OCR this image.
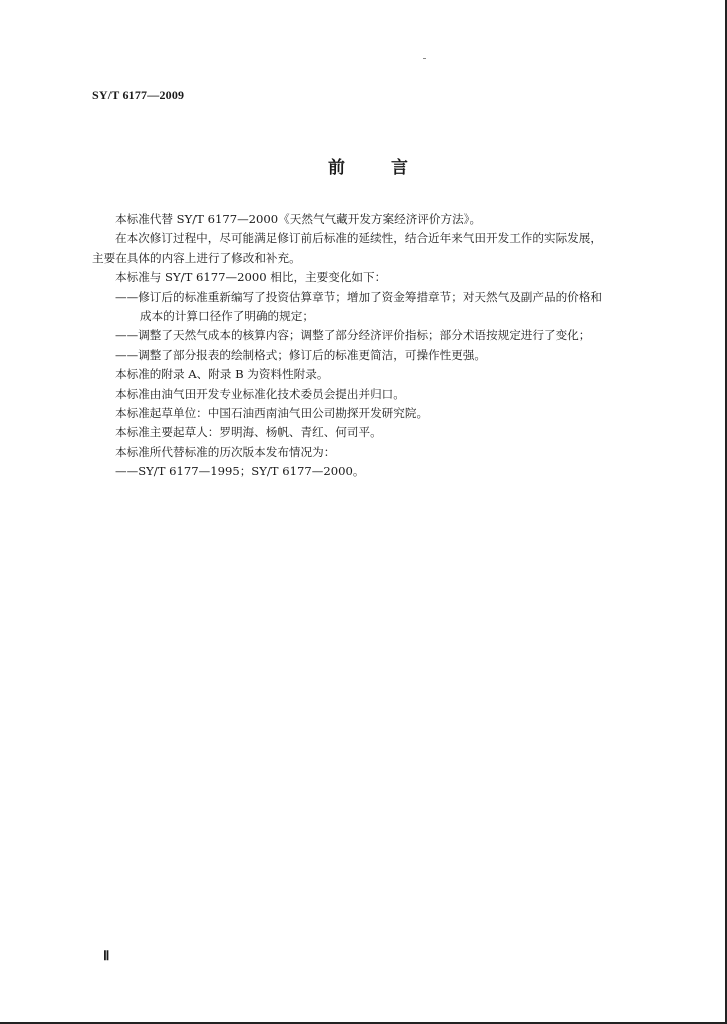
SY/T 6177—2009
前言
本标准代替 SY/T 6177—2000《天然气气藏开发方案经济评价方法》。
在本次修订过程中，尽可能满足修订前后标准的延续性，结合近年来气田开发工作的实际发展，
主要在具体的内容上进行了修改和补充。
本标准与 SY/T 6177—2000 相比，主要变化如下：
——修订后的标准重新编写了投资估算章节；增加了资金筹措章节；对天然气及副产品的价格和
成本的计算口径作了明确的规定；
——调整了天然气成本的核算内容；调整了部分经济评价指标；部分术语按规定进行了变化；
——调整了部分报表的绘制格式；修订后的标准更简洁，可操作性更强。
本标准的附录 A、附录 B 为资料性附录。
本标准由油气田开发专业标准化技术委员会提出并归口。
本标准起草单位：中国石油西南油气田公司勘探开发研究院。
本标准主要起草人：罗明海、杨帆、青红、何司平。
本标准所代替标准的历次版本发布情况为：
——SY/T 6177—1995；SY/T 6177—2000。
Ⅱ
